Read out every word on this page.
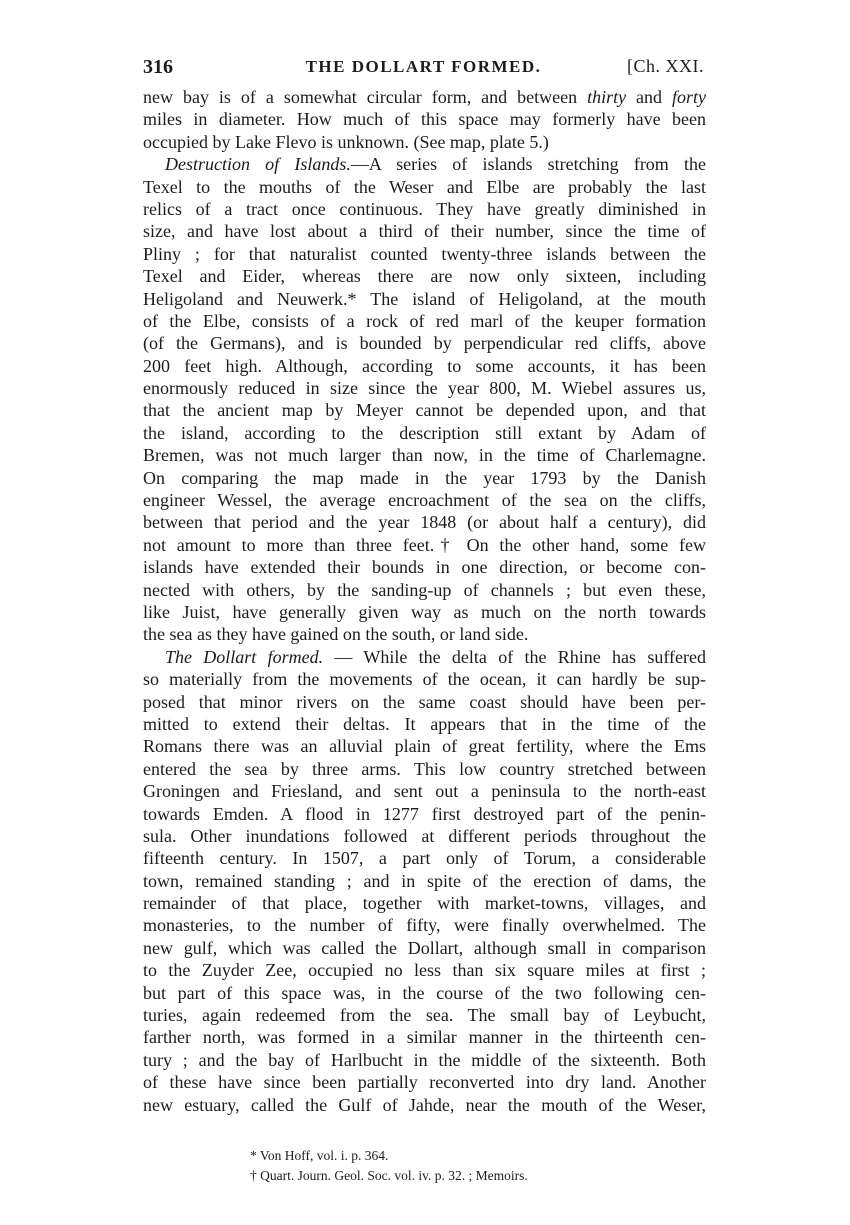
316	THE DOLLART FORMED.	[Ch. XXI.
new bay is of a somewhat circular form, and between thirty and forty
miles in diameter. How much of this space may formerly have been
occupied by Lake Flevo is unknown. (See map, plate 5.)
Destruction of Islands.—A series of islands stretching from the
Texel to the mouths of the Weser and Elbe are probably the last
relics of a tract once continuous. They have greatly diminished in
size, and have lost about a third of their number, since the time of
Pliny ; for that naturalist counted twenty-three islands between the
Texel and Eider, whereas there are now only sixteen, including
Heligoland and Neuwerk.* The island of Heligoland, at the mouth
of the Elbe, consists of a rock of red marl of the keuper formation
(of the Germans), and is bounded by perpendicular red cliffs, above
200 feet high. Although, according to some accounts, it has been
enormously reduced in size since the year 800, M. Wiebel assures us,
that the ancient map by Meyer cannot be depended upon, and that
the island, according to the description still extant by Adam of
Bremen, was not much larger than now, in the time of Charlemagne.
On comparing the map made in the year 1793 by the Danish
engineer Wessel, the average encroachment of the sea on the cliffs,
between that period and the year 1848 (or about half a century), did
not amount to more than three feet.† On the other hand, some few
islands have extended their bounds in one direction, or become con-
nected with others, by the sanding-up of channels ; but even these,
like Juist, have generally given way as much on the north towards
the sea as they have gained on the south, or land side.
The Dollart formed. — While the delta of the Rhine has suffered
so materially from the movements of the ocean, it can hardly be sup-
posed that minor rivers on the same coast should have been per-
mitted to extend their deltas. It appears that in the time of the
Romans there was an alluvial plain of great fertility, where the Ems
entered the sea by three arms. This low country stretched between
Groningen and Friesland, and sent out a peninsula to the north-east
towards Emden. A flood in 1277 first destroyed part of the penin-
sula. Other inundations followed at different periods throughout the
fifteenth century. In 1507, a part only of Torum, a considerable
town, remained standing ; and in spite of the erection of dams, the
remainder of that place, together with market-towns, villages, and
monasteries, to the number of fifty, were finally overwhelmed. The
new gulf, which was called the Dollart, although small in comparison
to the Zuyder Zee, occupied no less than six square miles at first ;
but part of this space was, in the course of the two following cen-
turies, again redeemed from the sea. The small bay of Leybucht,
farther north, was formed in a similar manner in the thirteenth cen-
tury ; and the bay of Harlbucht in the middle of the sixteenth. Both
of these have since been partially reconverted into dry land. Another
new estuary, called the Gulf of Jahde, near the mouth of the Weser,
* Von Hoff, vol. i. p. 364.
† Quart. Journ. Geol. Soc. vol. iv. p. 32. ; Memoirs.
